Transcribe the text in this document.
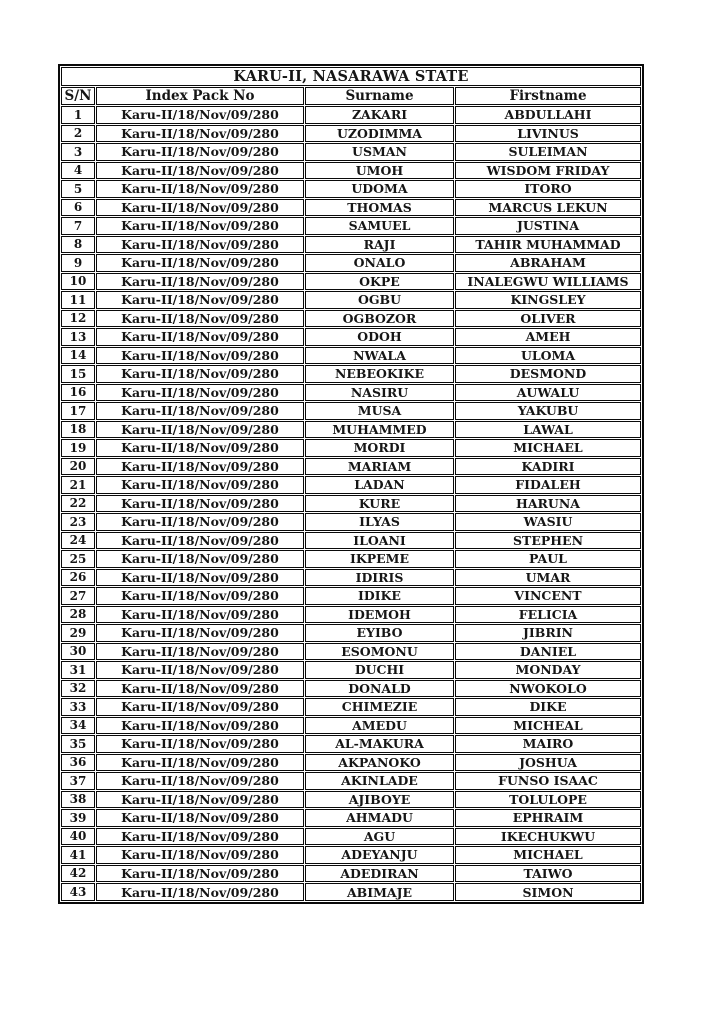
KARU-II, NASARAWA STATE			
S/N	Index Pack No	Surname	Firstname
1	Karu-II/18/Nov/09/280	ZAKARI	ABDULLAHI
2	Karu-II/18/Nov/09/280	UZODIMMA	LIVINUS
3	Karu-II/18/Nov/09/280	USMAN	SULEIMAN
4	Karu-II/18/Nov/09/280	UMOH	WISDOM FRIDAY
5	Karu-II/18/Nov/09/280	UDOMA	ITORO
6	Karu-II/18/Nov/09/280	THOMAS	MARCUS LEKUN
7	Karu-II/18/Nov/09/280	SAMUEL	JUSTINA
8	Karu-II/18/Nov/09/280	RAJI	TAHIR MUHAMMAD
9	Karu-II/18/Nov/09/280	ONALO	ABRAHAM
10	Karu-II/18/Nov/09/280	OKPE	INALEGWU WILLIAMS
11	Karu-II/18/Nov/09/280	OGBU	KINGSLEY
12	Karu-II/18/Nov/09/280	OGBOZOR	OLIVER
13	Karu-II/18/Nov/09/280	ODOH	AMEH
14	Karu-II/18/Nov/09/280	NWALA	ULOMA
15	Karu-II/18/Nov/09/280	NEBEOKIKE	DESMOND
16	Karu-II/18/Nov/09/280	NASIRU	AUWALU
17	Karu-II/18/Nov/09/280	MUSA	YAKUBU
18	Karu-II/18/Nov/09/280	MUHAMMED	LAWAL
19	Karu-II/18/Nov/09/280	MORDI	MICHAEL
20	Karu-II/18/Nov/09/280	MARIAM	KADIRI
21	Karu-II/18/Nov/09/280	LADAN	FIDALEH
22	Karu-II/18/Nov/09/280	KURE	HARUNA
23	Karu-II/18/Nov/09/280	ILYAS	WASIU
24	Karu-II/18/Nov/09/280	ILOANI	STEPHEN
25	Karu-II/18/Nov/09/280	IKPEME	PAUL
26	Karu-II/18/Nov/09/280	IDIRIS	UMAR
27	Karu-II/18/Nov/09/280	IDIKE	VINCENT
28	Karu-II/18/Nov/09/280	IDEMOH	FELICIA
29	Karu-II/18/Nov/09/280	EYIBO	JIBRIN
30	Karu-II/18/Nov/09/280	ESOMONU	DANIEL
31	Karu-II/18/Nov/09/280	DUCHI	MONDAY
32	Karu-II/18/Nov/09/280	DONALD	NWOKOLO
33	Karu-II/18/Nov/09/280	CHIMEZIE	DIKE
34	Karu-II/18/Nov/09/280	AMEDU	MICHEAL
35	Karu-II/18/Nov/09/280	AL-MAKURA	MAIRO
36	Karu-II/18/Nov/09/280	AKPANOKO	JOSHUA
37	Karu-II/18/Nov/09/280	AKINLADE	FUNSO ISAAC
38	Karu-II/18/Nov/09/280	AJIBOYE	TOLULOPE
39	Karu-II/18/Nov/09/280	AHMADU	EPHRAIM
40	Karu-II/18/Nov/09/280	AGU	IKECHUKWU
41	Karu-II/18/Nov/09/280	ADEYANJU	MICHAEL
42	Karu-II/18/Nov/09/280	ADEDIRAN	TAIWO
43	Karu-II/18/Nov/09/280	ABIMAJE	SIMON
